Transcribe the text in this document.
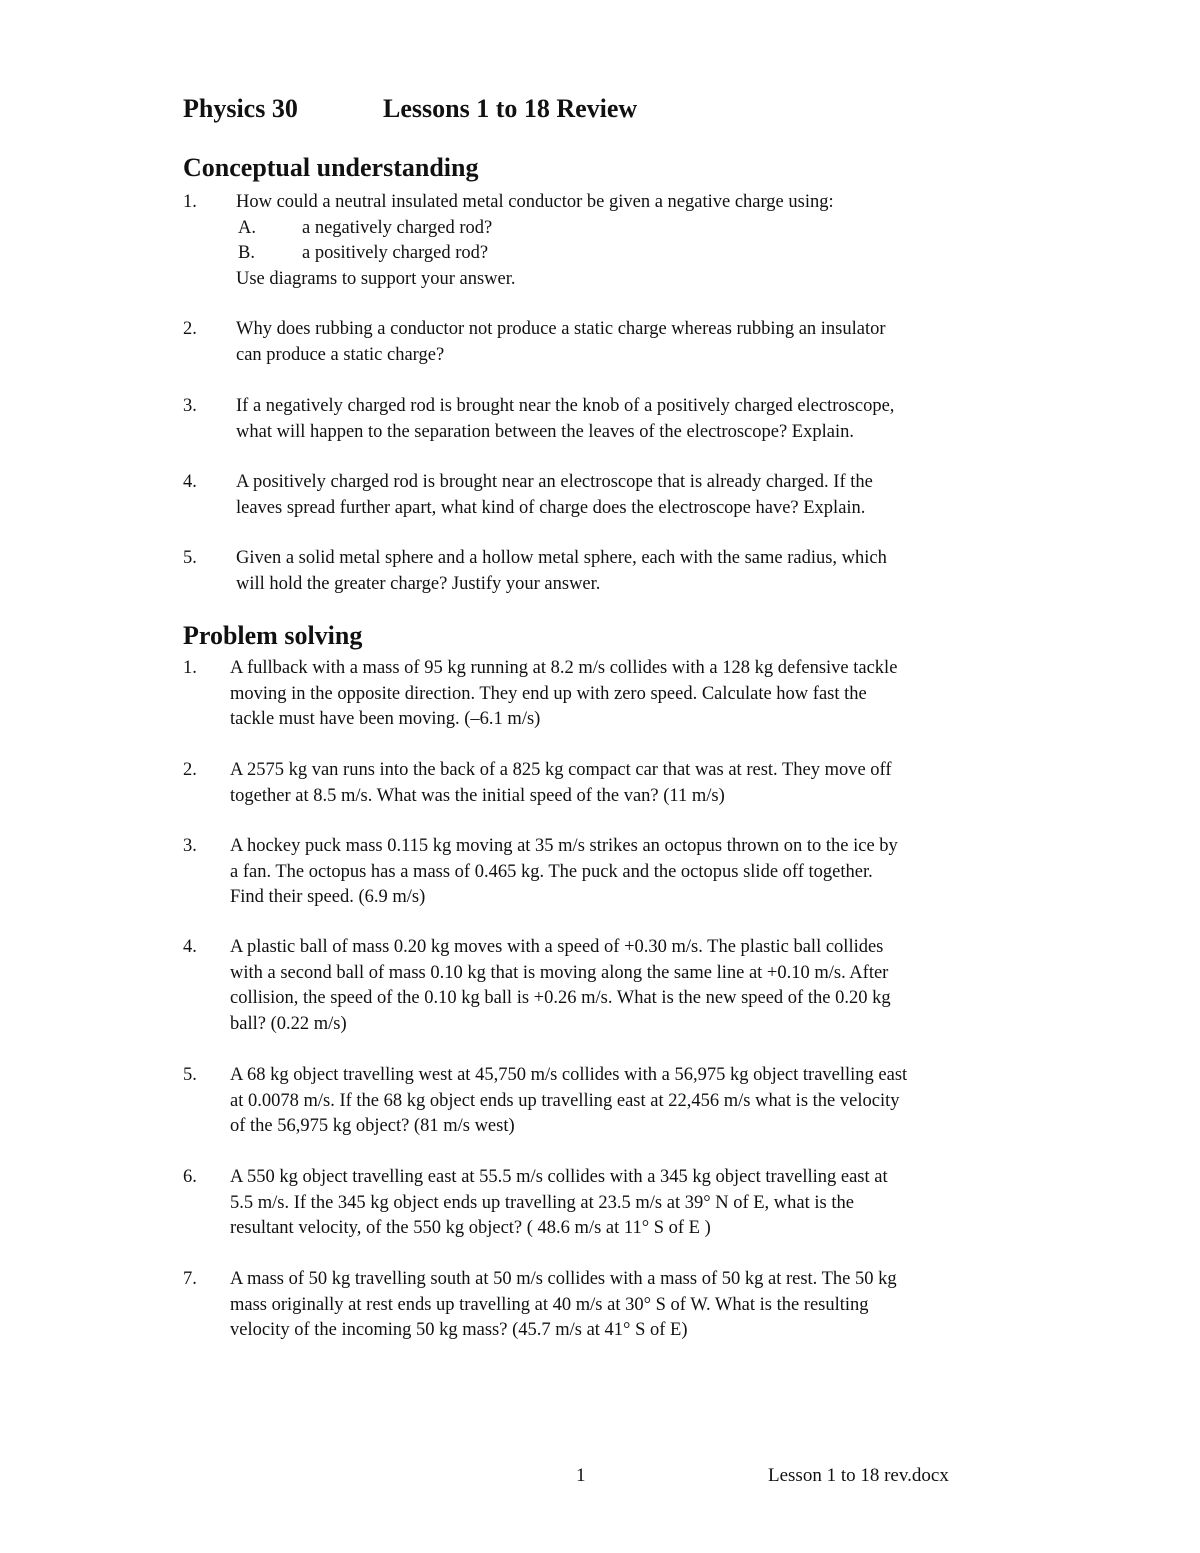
Physics 30	Lessons 1 to 18 Review
Conceptual understanding
1. How could a neutral insulated metal conductor be given a negative charge using:
A. a negatively charged rod?
B.	a positively charged rod?
Use diagrams to support your answer.
2. Why does rubbing a conductor not produce a static charge whereas rubbing an insulator
can produce a static charge?
3. If a negatively charged rod is brought near the knob of a positively charged electroscope,
what will happen to the separation between the leaves of the electroscope? Explain.
4. A positively charged rod is brought near an electroscope that is already charged. If the
leaves spread further apart, what kind of charge does the electroscope have? Explain.
5. Given a solid metal sphere and a hollow metal sphere, each with the same radius, which
will hold the greater charge? Justify your answer.
Problem solving
1. A fullback with a mass of 95 kg running at 8.2 m/s collides with a 128 kg defensive tackle
moving in the opposite direction. They end up with zero speed. Calculate how fast the
tackle must have been moving. (–6.1 m/s)
2. A 2575 kg van runs into the back of a 825 kg compact car that was at rest. They move off
together at 8.5 m/s. What was the initial speed of the van? (11 m/s)
3. A hockey puck mass 0.115 kg moving at 35 m/s strikes an octopus thrown on to the ice by
a fan. The octopus has a mass of 0.465 kg. The puck and the octopus slide off together.
Find their speed. (6.9 m/s)
4. A plastic ball of mass 0.20 kg moves with a speed of +0.30 m/s. The plastic ball collides
with a second ball of mass 0.10 kg that is moving along the same line at +0.10 m/s. After
collision, the speed of the 0.10 kg ball is +0.26 m/s. What is the new speed of the 0.20 kg
ball? (0.22 m/s)
5. A 68 kg object travelling west at 45,750 m/s collides with a 56,975 kg object travelling east
at 0.0078 m/s. If the 68 kg object ends up travelling east at 22,456 m/s what is the velocity
of the 56,975 kg object? (81 m/s west)
6. A 550 kg object travelling east at 55.5 m/s collides with a 345 kg object travelling east at
5.5 m/s. If the 345 kg object ends up travelling at 23.5 m/s at 39° N of E, what is the
resultant velocity, of the 550 kg object? ( 48.6 m/s at 11° S of E )
7. A mass of 50 kg travelling south at 50 m/s collides with a mass of 50 kg at rest. The 50 kg
mass originally at rest ends up travelling at 40 m/s at 30° S of W. What is the resulting
velocity of the incoming 50 kg mass? (45.7 m/s at 41° S of E)
1	Lesson 1 to 18 rev.docx
